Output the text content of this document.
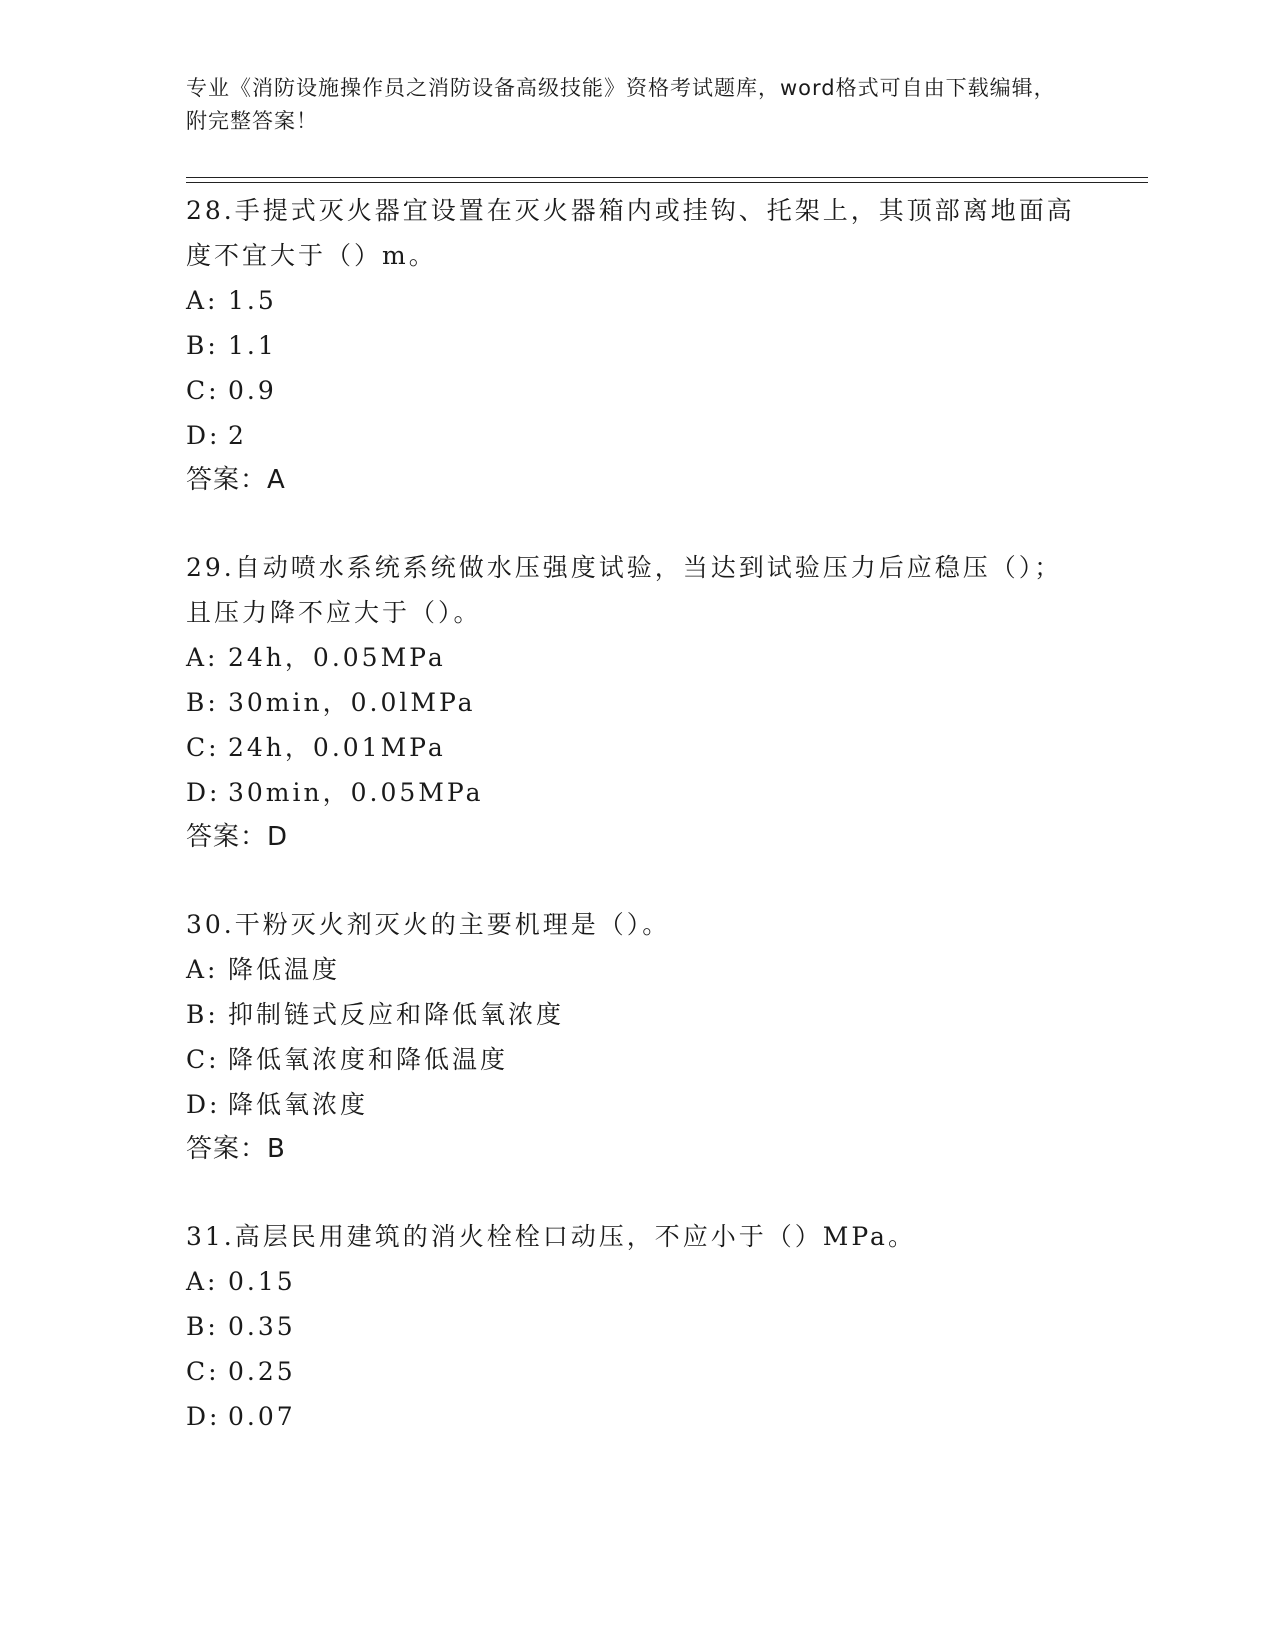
专业《消防设施操作员之消防设备高级技能》资格考试题库，word格式可自由下载编辑，附完整答案！
28.手提式灭火器宜设置在灭火器箱内或挂钩、托架上，其顶部离地面高度不宜大于（）m。
A: 1.5
B: 1.1
C: 0.9
D: 2
答案：A
29.自动喷水系统系统做水压强度试验，当达到试验压力后应稳压（）；且压力降不应大于（）。
A: 24h，0.05MPa
B: 30min，0.0lMPa
C: 24h，0.01MPa
D: 30min，0.05MPa
答案：D
30.干粉灭火剂灭火的主要机理是（）。
A: 降低温度
B: 抑制链式反应和降低氧浓度
C: 降低氧浓度和降低温度
D: 降低氧浓度
答案：B
31.高层民用建筑的消火栓栓口动压，不应小于（）MPa。
A: 0.15
B: 0.35
C: 0.25
D: 0.07
